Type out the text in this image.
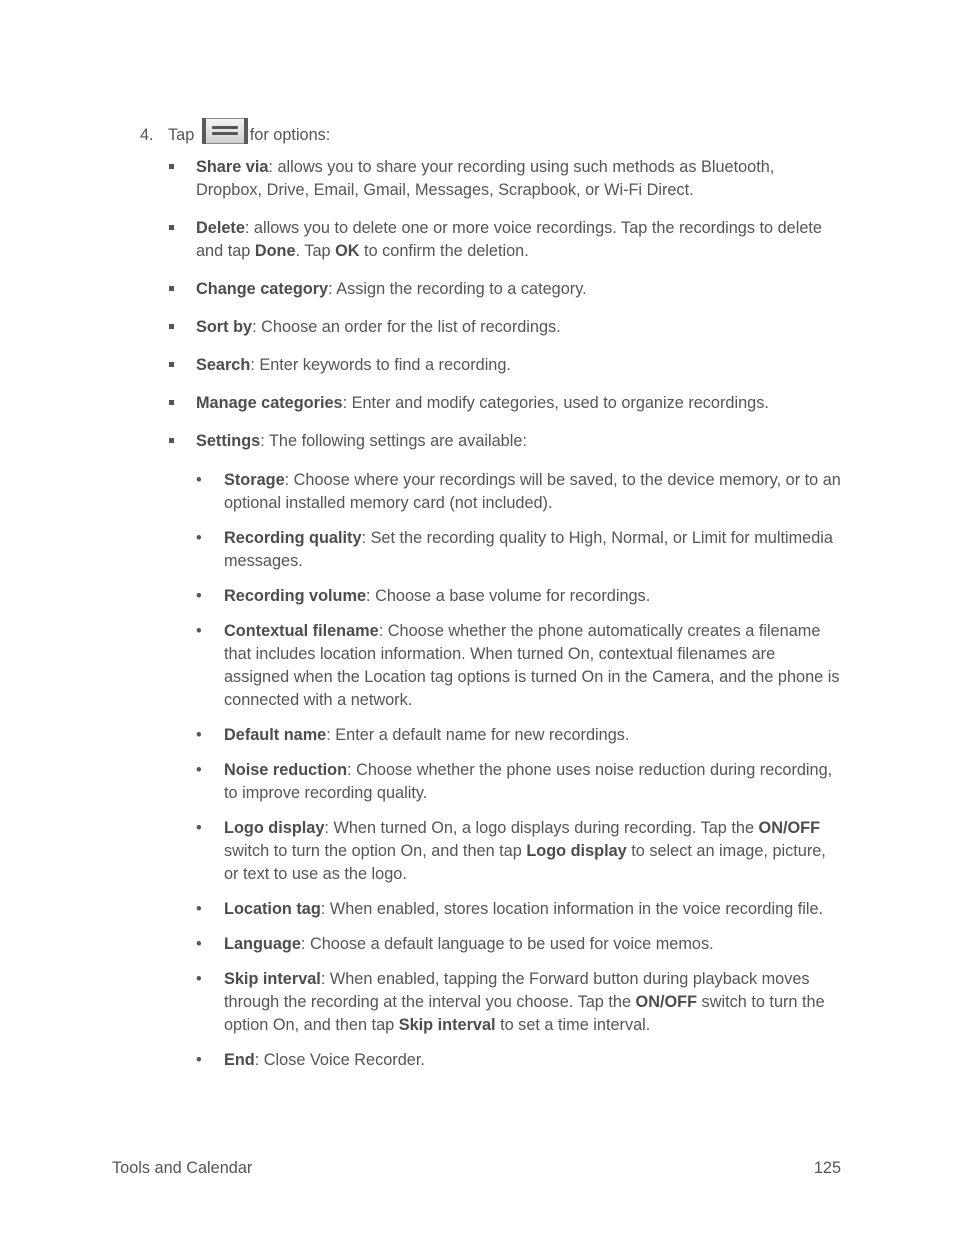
4. Tap	for options:
Share via: allows you to share your recording using such methods as Bluetooth, Dropbox, Drive, Email, Gmail, Messages, Scrapbook, or Wi-Fi Direct.
Delete: allows you to delete one or more voice recordings. Tap the recordings to delete and tap Done. Tap OK to confirm the deletion.
Change category: Assign the recording to a category.
Sort by: Choose an order for the list of recordings.
Search: Enter keywords to find a recording.
Manage categories: Enter and modify categories, used to organize recordings.
Settings: The following settings are available:
• Storage: Choose where your recordings will be saved, to the device memory, or to an optional installed memory card (not included).
• Recording quality: Set the recording quality to High, Normal, or Limit for multimedia messages.
• Recording volume: Choose a base volume for recordings.
• Contextual filename: Choose whether the phone automatically creates a filename that includes location information. When turned On, contextual filenames are assigned when the Location tag options is turned On in the Camera, and the phone is connected with a network.
• Default name: Enter a default name for new recordings.
• Noise reduction: Choose whether the phone uses noise reduction during recording, to improve recording quality.
• Logo display: When turned On, a logo displays during recording. Tap the ON/OFF switch to turn the option On, and then tap Logo display to select an image, picture, or text to use as the logo.
• Location tag: When enabled, stores location information in the voice recording file.
• Language: Choose a default language to be used for voice memos.
• Skip interval: When enabled, tapping the Forward button during playback moves through the recording at the interval you choose. Tap the ON/OFF switch to turn the option On, and then tap Skip interval to set a time interval.
• End: Close Voice Recorder.
Tools and Calendar	125
